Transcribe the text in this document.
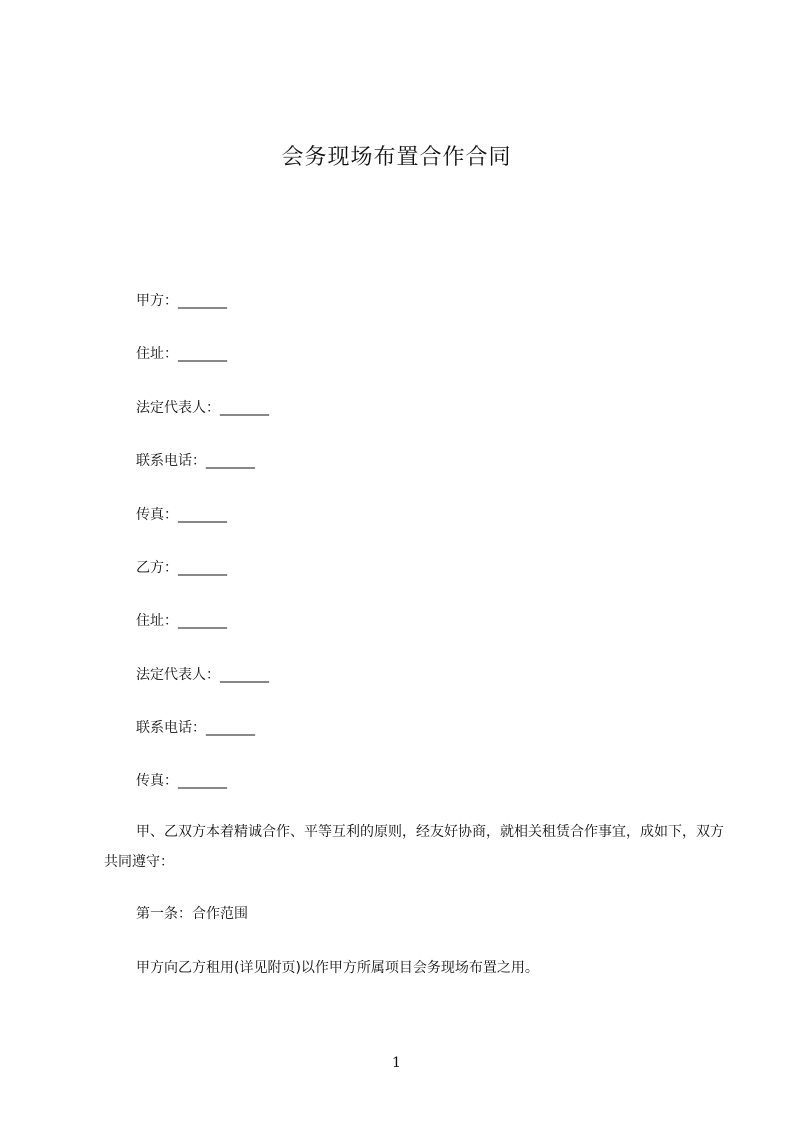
会务现场布置合作合同
甲方：_______
住址：_______
法定代表人：_______
联系电话：_______
传真：_______
乙方：_______
住址：_______
法定代表人：_______
联系电话：_______
传真：_______
甲、乙双方本着精诚合作、平等互利的原则，经友好协商，就相关租赁合作事宜，成如下，双方共同遵守：
第一条：合作范围
甲方向乙方租用(详见附页)以作甲方所属项目会务现场布置之用。
1
